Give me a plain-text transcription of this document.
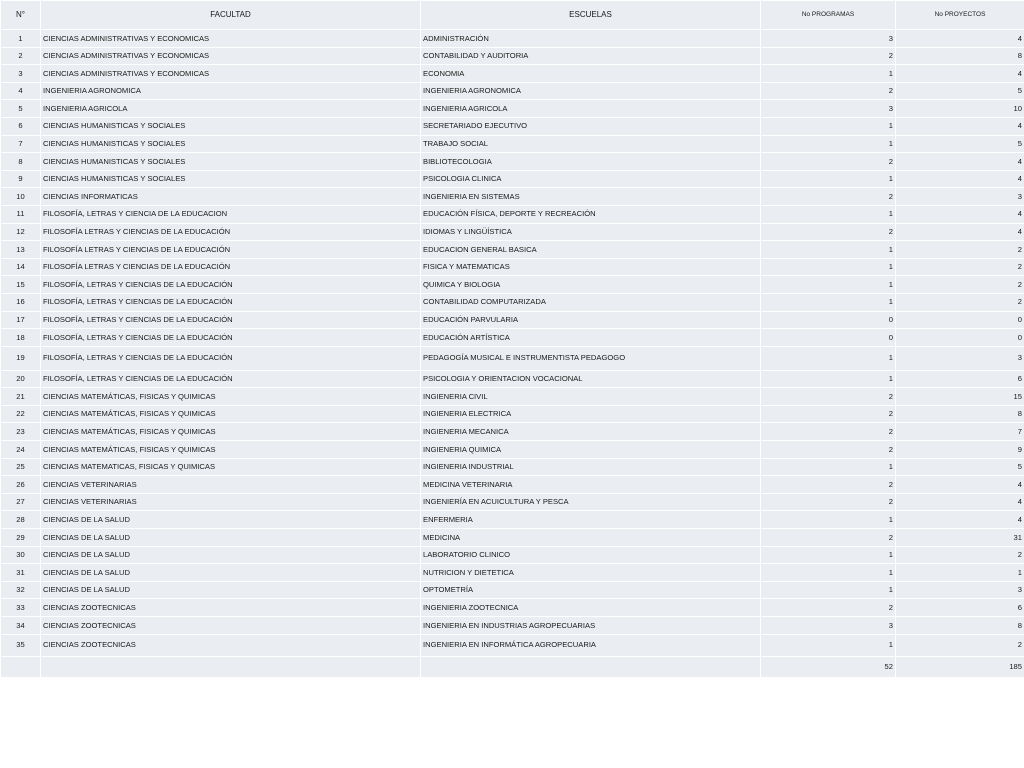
N°	FACULTAD	ESCUELAS	No PROGRAMAS	No PROYECTOS
1	CIENCIAS ADMINISTRATIVAS Y ECONOMICAS	ADMINISTRACIÓN	3	4
2	CIENCIAS ADMINISTRATIVAS Y ECONOMICAS	CONTABILIDAD Y AUDITORIA	2	8
3	CIENCIAS ADMINISTRATIVAS Y ECONOMICAS	ECONOMIA	1	4
4	INGENIERIA AGRONOMICA	INGENIERIA AGRONOMICA	2	5
5	INGENIERIA AGRICOLA	INGENIERIA AGRICOLA	3	10
6	CIENCIAS HUMANISTICAS Y SOCIALES	SECRETARIADO EJECUTIVO	1	4
7	CIENCIAS HUMANISTICAS Y SOCIALES	TRABAJO SOCIAL	1	5
8	CIENCIAS HUMANISTICAS Y SOCIALES	BIBLIOTECOLOGIA	2	4
9	CIENCIAS HUMANISTICAS Y SOCIALES	PSICOLOGIA CLINICA	1	4
10	CIENCIAS INFORMATICAS	INGENIERIA EN SISTEMAS	2	3
11	FILOSOFÍA, LETRAS Y CIENCIA DE LA EDUCACION	EDUCACIÓN FÍSICA, DEPORTE Y RECREACIÓN	1	4
12	FILOSOFÍA LETRAS Y CIENCIAS DE LA EDUCACIÓN	IDIOMAS Y LINGÜÍSTICA	2	4
13	FILOSOFÍA LETRAS Y CIENCIAS DE LA EDUCACIÓN	EDUCACION GENERAL BASICA	1	2
14	FILOSOFÍA LETRAS Y CIENCIAS DE LA EDUCACIÓN	FISICA Y MATEMATICAS	1	2
15	FILOSOFÍA, LETRAS Y CIENCIAS DE LA EDUCACIÓN	QUIMICA Y BIOLOGIA	1	2
16	FILOSOFÍA, LETRAS Y CIENCIAS DE LA EDUCACIÓN	CONTABILIDAD COMPUTARIZADA	1	2
17	FILOSOFÍA, LETRAS Y CIENCIAS DE LA EDUCACIÓN	EDUCACIÓN PARVULARIA	0	0
18	FILOSOFÍA, LETRAS Y CIENCIAS DE LA EDUCACIÓN	EDUCACIÓN ARTÍSTICA	0	0
19	FILOSOFÍA, LETRAS Y CIENCIAS DE LA EDUCACIÓN	PEDAGOGÍA MUSICAL E INSTRUMENTISTA PEDAGOGO	1	3
20	FILOSOFÍA, LETRAS Y CIENCIAS DE LA EDUCACIÓN	PSICOLOGIA Y ORIENTACION VOCACIONAL	1	6
21	CIENCIAS MATEMÁTICAS, FISICAS Y QUIMICAS	INGIENERIA CIVIL	2	15
22	CIENCIAS MATEMÁTICAS, FISICAS Y QUIMICAS	INGIENERIA ELECTRICA	2	8
23	CIENCIAS MATEMÁTICAS, FISICAS Y QUIMICAS	INGIENERIA MECANICA	2	7
24	CIENCIAS MATEMÁTICAS, FISICAS Y QUIMICAS	INGIENERIA QUIMICA	2	9
25	CIENCIAS MATEMATICAS, FISICAS Y QUIMICAS	INGIENERIA INDUSTRIAL	1	5
26	CIENCIAS VETERINARIAS	MEDICINA VETERINARIA	2	4
27	CIENCIAS VETERINARIAS	INGENIERÍA EN ACUICULTURA Y PESCA	2	4
28	CIENCIAS DE LA SALUD	ENFERMERIA	1	4
29	CIENCIAS DE LA SALUD	MEDICINA	2	31
30	CIENCIAS DE LA SALUD	LABORATORIO CLINICO	1	2
31	CIENCIAS DE LA SALUD	NUTRICION Y DIETETICA	1	1
32	CIENCIAS DE LA SALUD	OPTOMETRÍA	1	3
33	CIENCIAS ZOOTECNICAS	INGENIERIA ZOOTECNICA	2	6
34	CIENCIAS ZOOTECNICAS	INGENIERIA EN INDUSTRIAS AGROPECUARIAS	3	8
35	CIENCIAS ZOOTECNICAS	INGENIERIA EN INFORMÁTICA AGROPECUARIA	1	2
			52	185
